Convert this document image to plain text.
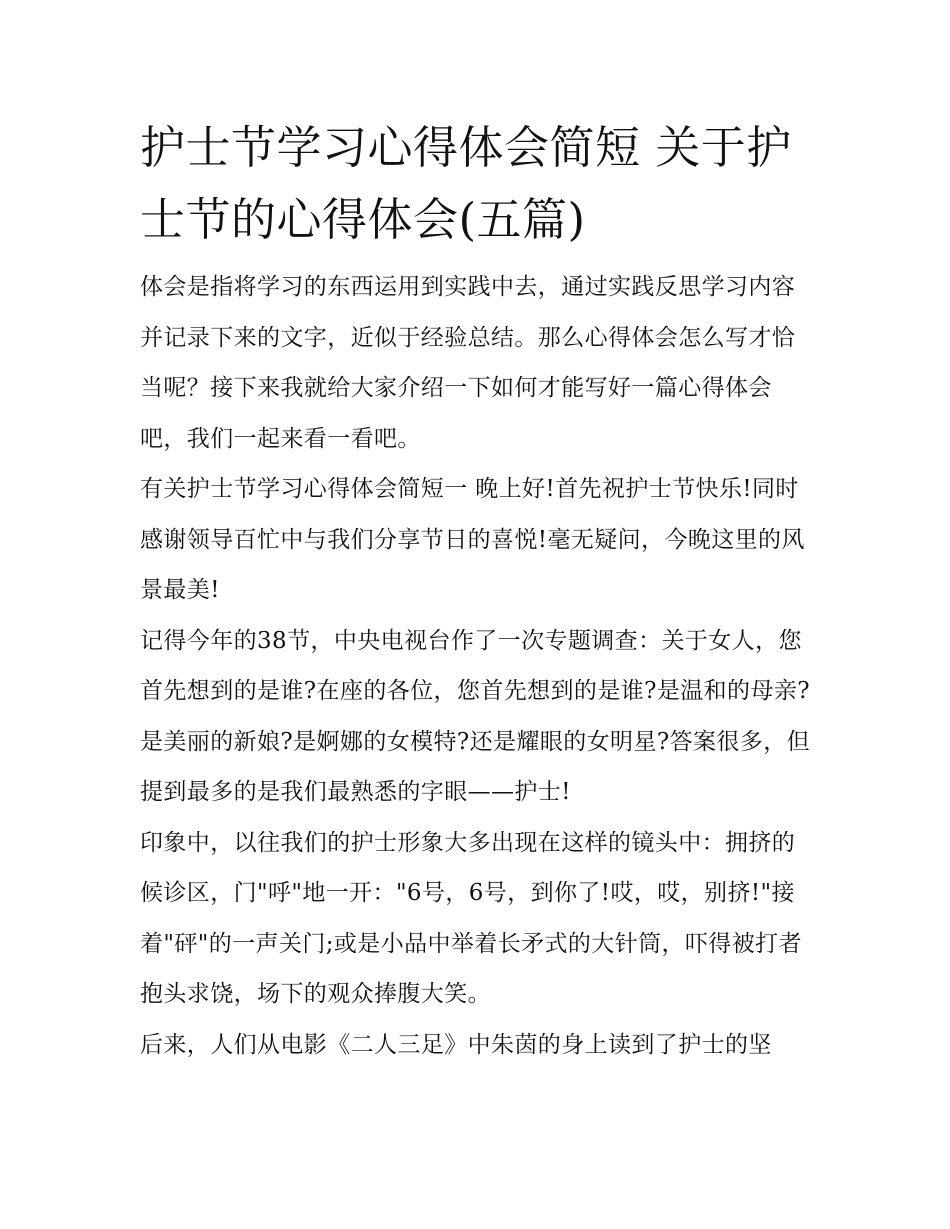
护士节学习心得体会简短 关于护士节的心得体会(五篇)

体会是指将学习的东西运用到实践中去，通过实践反思学习内容并记录下来的文字，近似于经验总结。那么心得体会怎么写才恰当呢？接下来我就给大家介绍一下如何才能写好一篇心得体会吧，我们一起来看一看吧。

有关护士节学习心得体会简短一 晚上好!首先祝护士节快乐!同时感谢领导百忙中与我们分享节日的喜悦!毫无疑问，今晚这里的风景最美!

记得今年的38节，中央电视台作了一次专题调查：关于女人，您首先想到的是谁?在座的各位，您首先想到的是谁?是温和的母亲?是美丽的新娘?是婀娜的女模特?还是耀眼的女明星?答案很多，但提到最多的是我们最熟悉的字眼——护士!

印象中，以往我们的护士形象大多出现在这样的镜头中：拥挤的候诊区，门"呼"地一开："6号，6号，到你了!哎，哎，别挤!"接着"砰"的一声关门;或是小品中举着长矛式的大针筒，吓得被打者抱头求饶，场下的观众捧腹大笑。

后来，人们从电影《二人三足》中朱茵的身上读到了护士的坚
